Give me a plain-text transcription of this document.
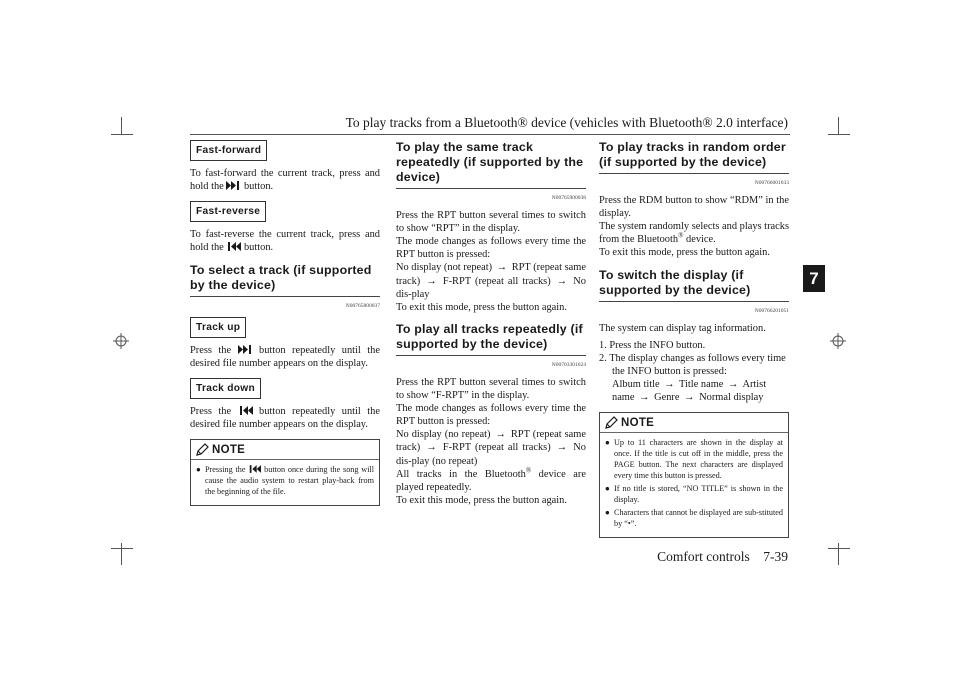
To play tracks from a Bluetooth® device (vehicles with Bluetooth® 2.0 interface)
7
Comfort controls 7-39
Fast-forward

To fast-forward the current track, press and hold the button.

Fast-reverse

To fast-reverse the current track, press and hold the button.

To select a track (if supported by the device)
N00765800037
Track up

Press the	button repeatedly until the desired file number appears on the display.

Track down

Press the	button repeatedly until the desired file number appears on the display.

NOTE
● Pressing the button once during the song will cause the audio system to restart play-back from the beginning of the file.
To play the same track repeatedly (if supported by the device)
N00765900038

Press the RPT button several times to switch to show “RPT” in the display.

The mode changes as follows every time the RPT button is pressed:

No display (not repeat) → RPT (repeat same track) → F-RPT (repeat all tracks) → No dis-play

To exit this mode, press the button again.

To play all tracks repeatedly (if supported by the device)
N00703301024

Press the RPT button several times to switch to show “F-RPT” in the display.

The mode changes as follows every time the RPT button is pressed:

No display (no repeat) → RPT (repeat same track) → F-RPT (repeat all tracks) → No dis-play (no repeat)

All tracks in the Bluetooth® device are played repeatedly.

To exit this mode, press the button again.

To play tracks in random order (if supported by the device)
N00766001033

Press the RDM button to show “RDM” in the display.

The system randomly selects and plays tracks from the Bluetooth® device.

To exit this mode, press the button again.

To switch the display (if supported by the device)
N00766201051

The system can display tag information.

1. Press the INFO button.
2. The display changes as follows every time the INFO button is pressed:
Album title → Title name → Artist name → Genre → Normal display
NOTE
● Up to 11 characters are shown in the display at once. If the title is cut off in the middle, press the PAGE button. The next characters are displayed every time this button is pressed.
● If no title is stored, “NO TITLE” is shown in the display.
● Characters that cannot be displayed are sub-stituted by “•”.
